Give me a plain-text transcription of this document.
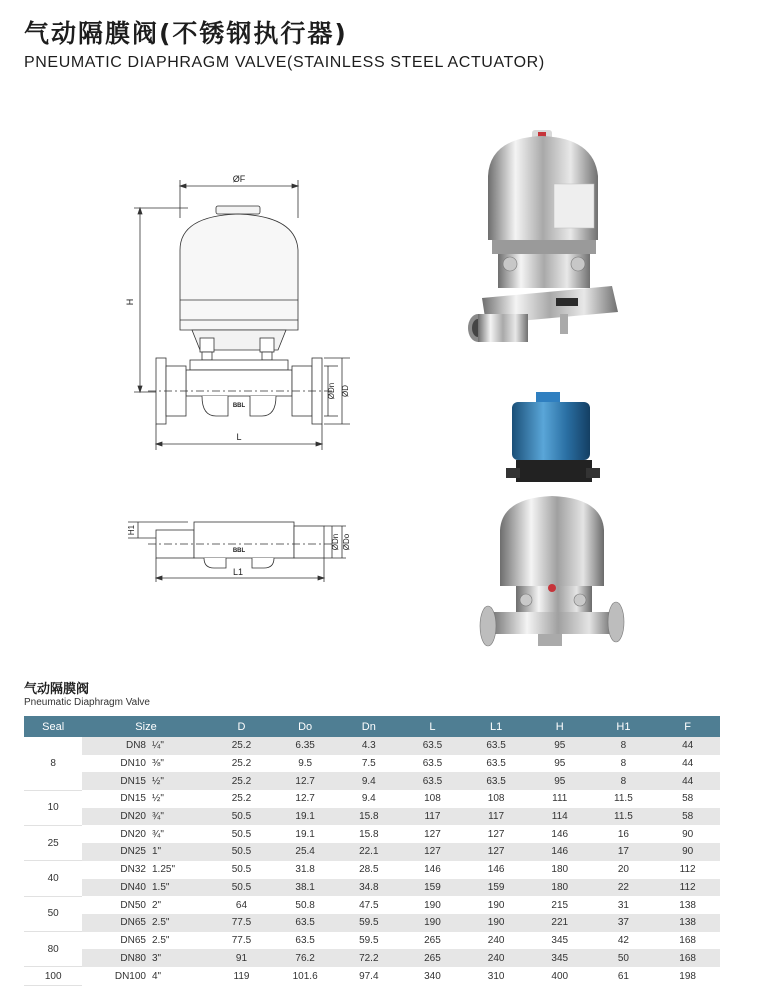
气动隔膜阀(不锈钢执行器)
PNEUMATIC DIAPHRAGM VALVE(STAINLESS STEEL ACTUATOR)
ØF
H
L
ØDn ØD
BBL
H1
L1
ØDn ØDo
BBL
气动隔膜阀
Pneumatic Diaphragm Valve
Seal	Size	D	Do	Dn	L	L1	H	H1	F
8	DN8 ¼"	25.2	6.35	4.3	63.5	63.5	95	8	44

	DN10 ⅜"	25.2	9.5	7.5	63.5	63.5	95	8	44

	DN15 ½"	25.2	12.7	9.4	63.5	63.5	95	8	44
10	DN15 ½"	25.2	12.7	9.4	108	108	111	11.5	58

	DN20 ¾"	50.5	19.1	15.8	117	117	114	11.5	58
25	DN20 ¾"	50.5	19.1	15.8	127	127	146	16	90

	DN25 1"	50.5	25.4	22.1	127	127	146	17	90
40	DN32 1.25"	50.5	31.8	28.5	146	146	180	20	112

	DN40 1.5"	50.5	38.1	34.8	159	159	180	22	112
50	DN50 2"	64	50.8	47.5	190	190	215	31	138

	DN65 2.5"	77.5	63.5	59.5	190	190	221	37	138
80	DN65 2.5"	77.5	63.5	59.5	265	240	345	42	168

	DN80 3"	91	76.2	72.2	265	240	345	50	168
100	DN100 4"	119	101.6	97.4	340	310	400	61	198
